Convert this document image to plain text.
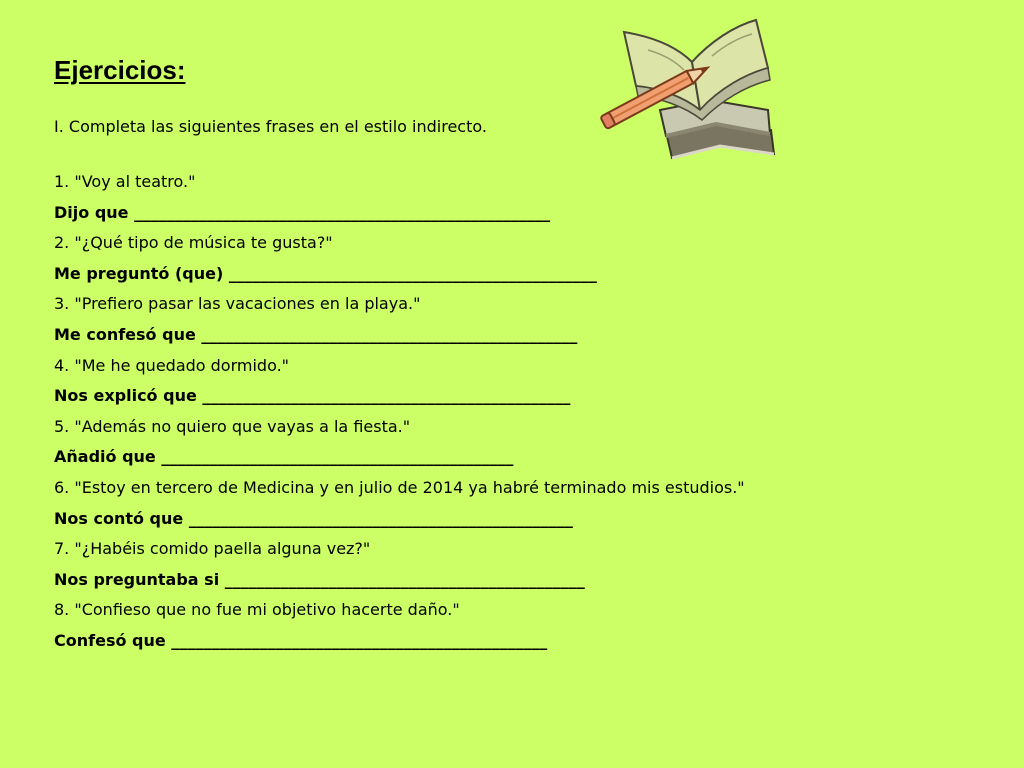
Ejercicios:

I. Completa las siguientes frases en el estilo indirecto.

1. "Voy al teatro."
Dijo que ____________________________________________________
2. "¿Qué tipo de música te gusta?"
Me preguntó (que) ______________________________________________
3. "Prefiero pasar las vacaciones en la playa."
Me confesó que _______________________________________________
4. "Me he quedado dormido."
Nos explicó que ______________________________________________
5. "Además no quiero que vayas a la fiesta."
Añadió que ____________________________________________
6. "Estoy en tercero de Medicina y en julio de 2014 ya habré terminado mis estudios."
Nos contó que ________________________________________________
7. "¿Habéis comido paella alguna vez?"
Nos preguntaba si _____________________________________________
8. "Confieso que no fue mi objetivo hacerte daño."
Confesó que _______________________________________________
